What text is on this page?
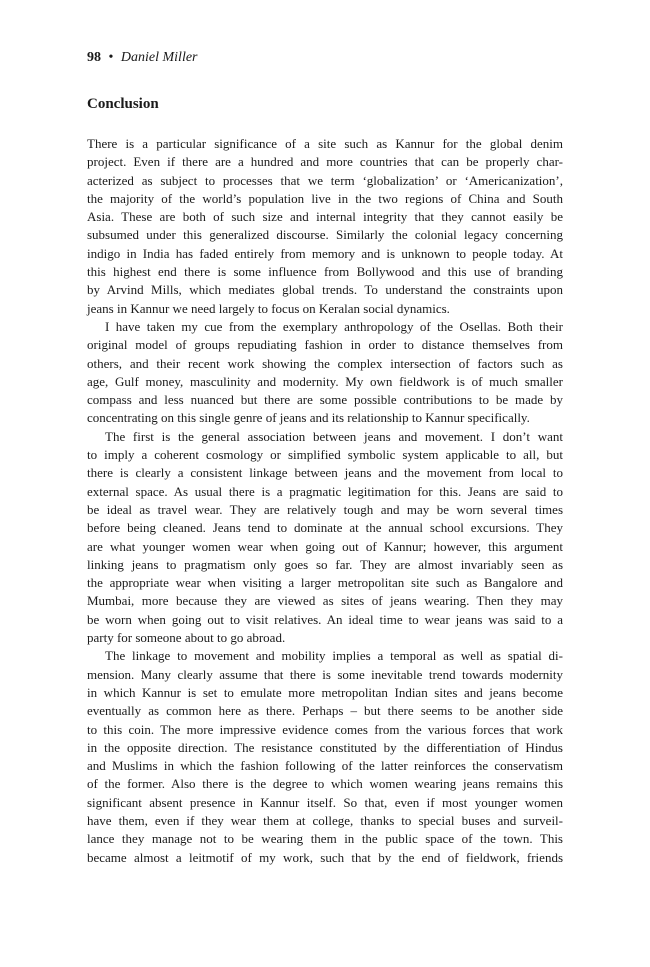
98 • Daniel Miller
Conclusion

There is a particular significance of a site such as Kannur for the global denim
project. Even if there are a hundred and more countries that can be properly char-
acterized as subject to processes that we term ‘globalization’ or ‘Americanization’,
the majority of the world’s population live in the two regions of China and South
Asia. These are both of such size and internal integrity that they cannot easily be
subsumed under this generalized discourse. Similarly the colonial legacy concerning
indigo in India has faded entirely from memory and is unknown to people today. At
this highest end there is some influence from Bollywood and this use of branding
by Arvind Mills, which mediates global trends. To understand the constraints upon
jeans in Kannur we need largely to focus on Keralan social dynamics.

I have taken my cue from the exemplary anthropology of the Osellas. Both their
original model of groups repudiating fashion in order to distance themselves from
others, and their recent work showing the complex intersection of factors such as
age, Gulf money, masculinity and modernity. My own fieldwork is of much smaller
compass and less nuanced but there are some possible contributions to be made by
concentrating on this single genre of jeans and its relationship to Kannur specifically.

The first is the general association between jeans and movement. I don’t want
to imply a coherent cosmology or simplified symbolic system applicable to all, but
there is clearly a consistent linkage between jeans and the movement from local to
external space. As usual there is a pragmatic legitimation for this. Jeans are said to
be ideal as travel wear. They are relatively tough and may be worn several times
before being cleaned. Jeans tend to dominate at the annual school excursions. They
are what younger women wear when going out of Kannur; however, this argument
linking jeans to pragmatism only goes so far. They are almost invariably seen as
the appropriate wear when visiting a larger metropolitan site such as Bangalore and
Mumbai, more because they are viewed as sites of jeans wearing. Then they may
be worn when going out to visit relatives. An ideal time to wear jeans was said to a
party for someone about to go abroad.

The linkage to movement and mobility implies a temporal as well as spatial di-
mension. Many clearly assume that there is some inevitable trend towards modernity
in which Kannur is set to emulate more metropolitan Indian sites and jeans become
eventually as common here as there. Perhaps – but there seems to be another side
to this coin. The more impressive evidence comes from the various forces that work
in the opposite direction. The resistance constituted by the differentiation of Hindus
and Muslims in which the fashion following of the latter reinforces the conservatism
of the former. Also there is the degree to which women wearing jeans remains this
significant absent presence in Kannur itself. So that, even if most younger women
have them, even if they wear them at college, thanks to special buses and surveil-
lance they manage not to be wearing them in the public space of the town. This
became almost a leitmotif of my work, such that by the end of fieldwork, friends
